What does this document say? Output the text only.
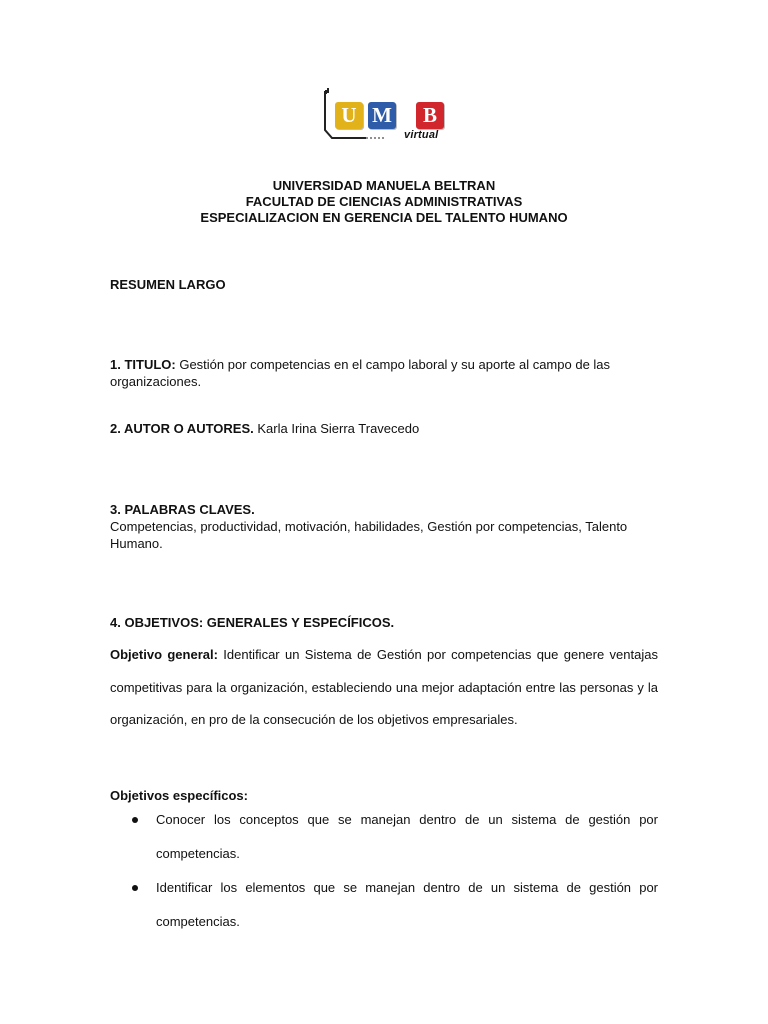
U M	B
virtual
UNIVERSIDAD MANUELA BELTRAN
FACULTAD DE CIENCIAS ADMINISTRATIVAS
ESPECIALIZACION EN GERENCIA DEL TALENTO HUMANO
RESUMEN LARGO
1. TITULO: Gestión por competencias en el campo laboral y su aporte al campo de las organizaciones.
2. AUTOR O AUTORES. Karla Irina Sierra Travecedo
3. PALABRAS CLAVES.
Competencias, productividad, motivación, habilidades, Gestión por competencias, Talento Humano.
4. OBJETIVOS: GENERALES Y ESPECÍFICOS.
Objetivo general: Identificar un Sistema de Gestión por competencias que genere ventajas competitivas para la organización, estableciendo una mejor adaptación entre las personas y la organización, en pro de la consecución de los objetivos empresariales.
Objetivos específicos:
Conocer los conceptos que se manejan dentro de un sistema de gestión por competencias.
Identificar los elementos que se manejan dentro de un sistema de gestión por competencias.
